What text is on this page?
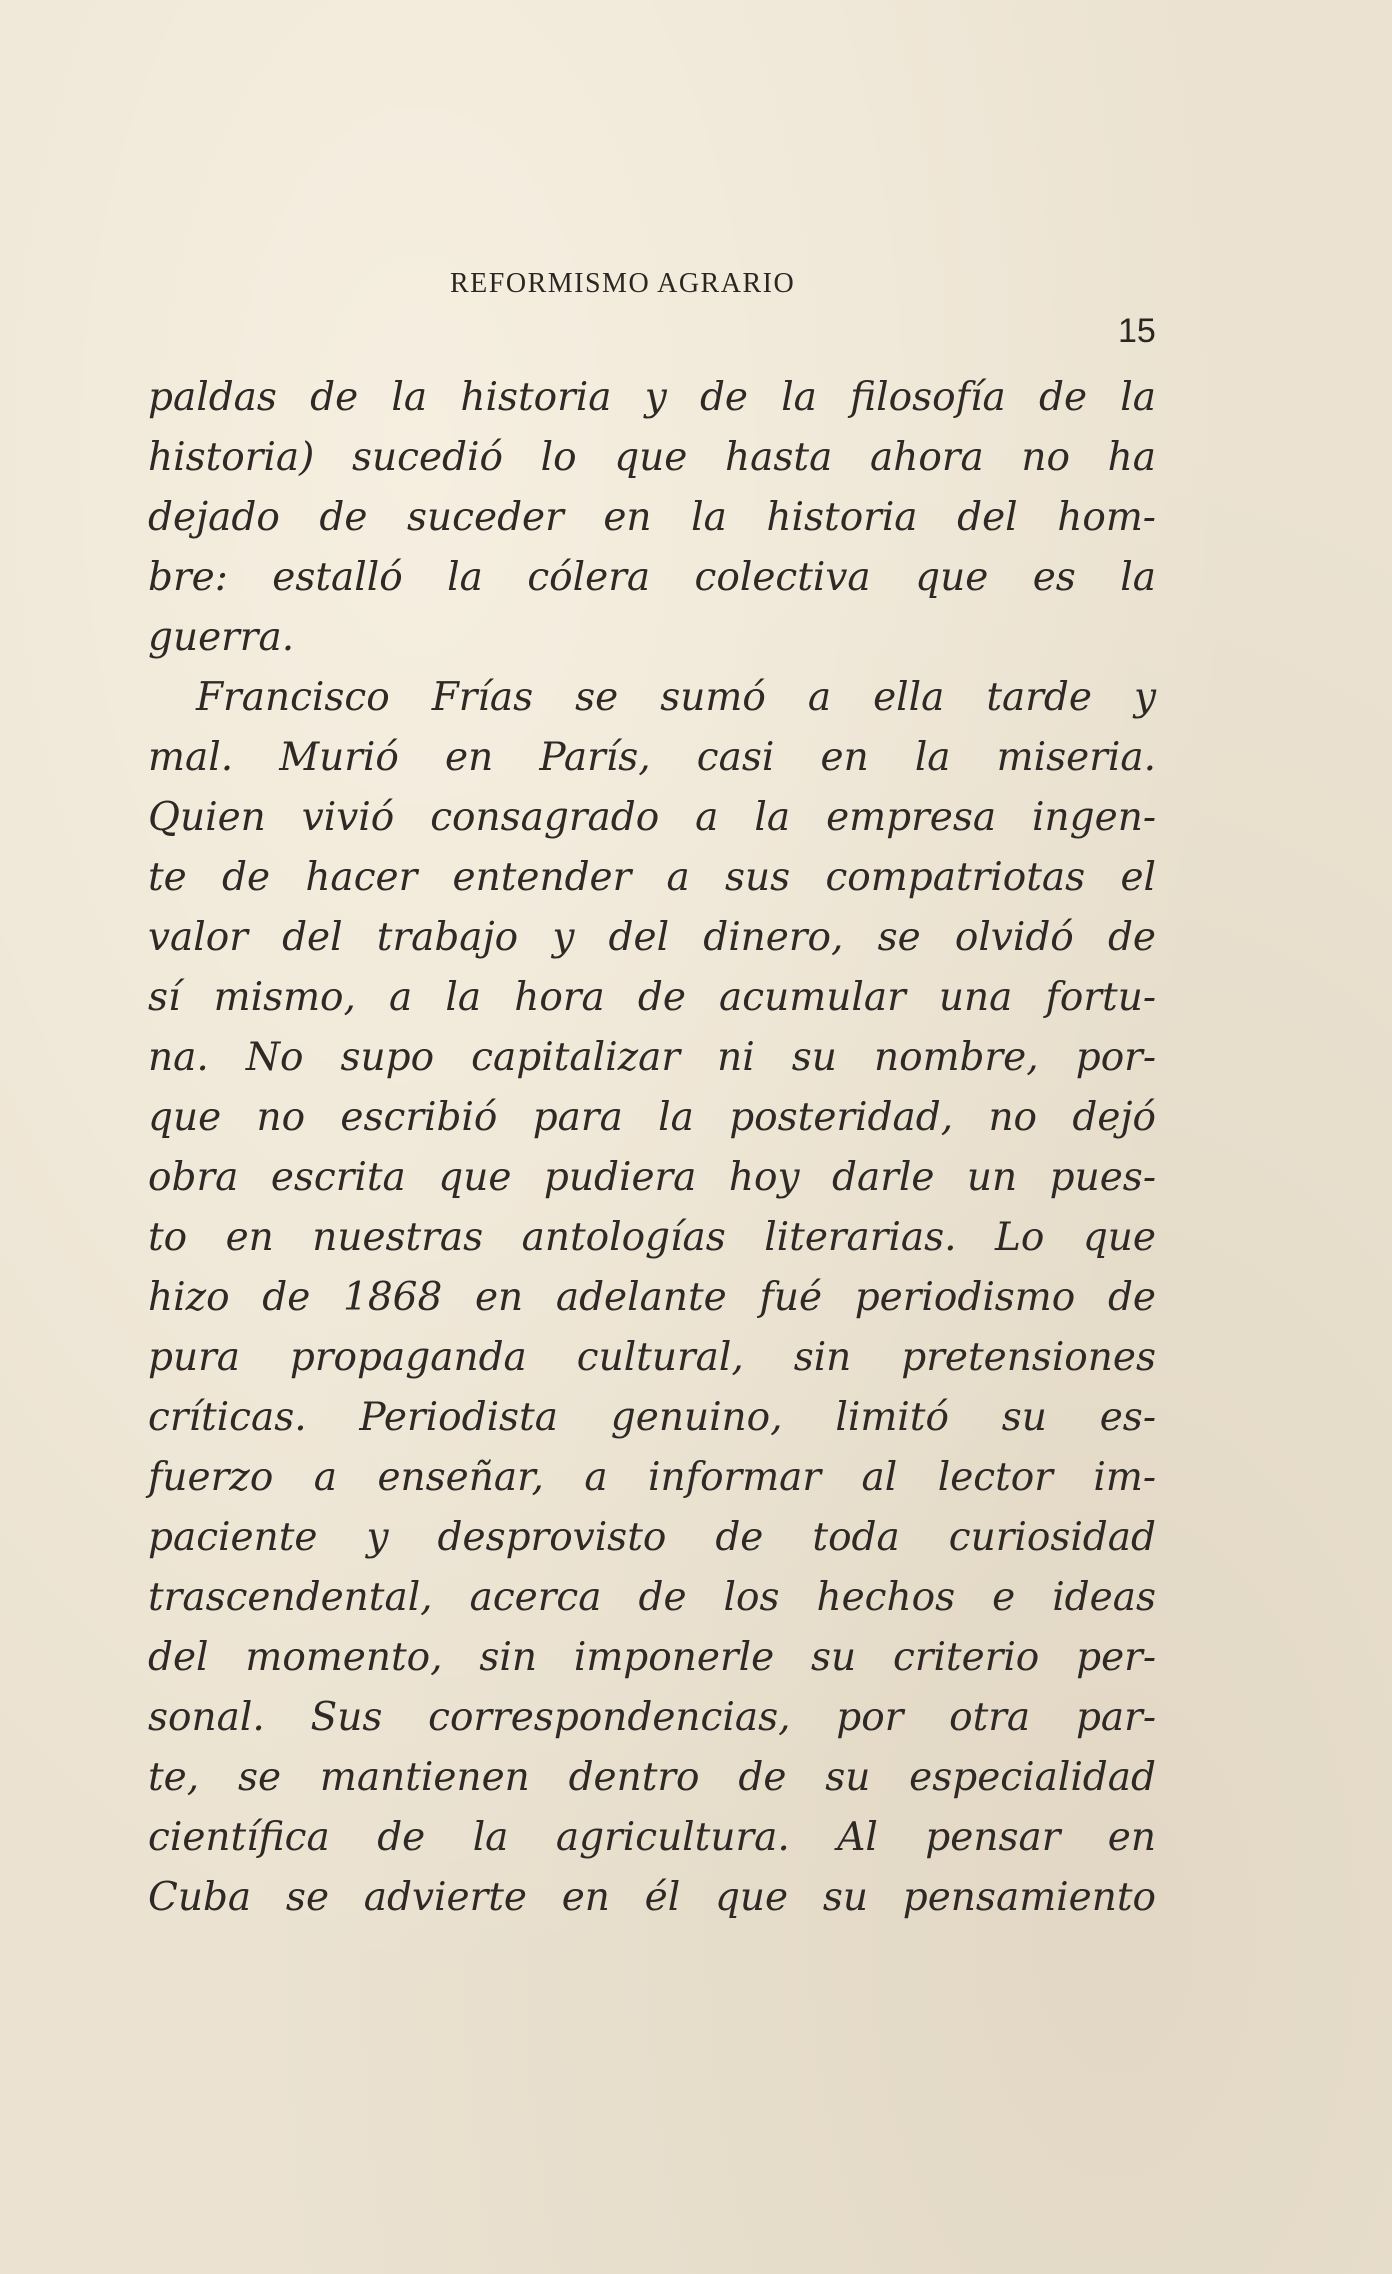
REFORMISMO AGRARIO
15
paldas de la historia y de la filosofía de la
historia) sucedió lo que hasta ahora no ha
dejado de suceder en la historia del hom-
bre: estalló la cólera colectiva que es la
guerra.
Francisco Frías se sumó a ella tarde y
mal. Murió en París, casi en la miseria.
Quien vivió consagrado a la empresa ingen-
te de hacer entender a sus compatriotas el
valor del trabajo y del dinero, se olvidó de
sí mismo, a la hora de acumular una fortu-
na. No supo capitalizar ni su nombre, por-
que no escribió para la posteridad, no dejó
obra escrita que pudiera hoy darle un pues-
to en nuestras antologías literarias. Lo que
hizo de 1868 en adelante fué periodismo de
pura propaganda cultural, sin pretensiones
críticas. Periodista genuino, limitó su es-
fuerzo a enseñar, a informar al lector im-
paciente y desprovisto de toda curiosidad
trascendental, acerca de los hechos e ideas
del momento, sin imponerle su criterio per-
sonal. Sus correspondencias, por otra par-
te, se mantienen dentro de su especialidad
científica de la agricultura. Al pensar en
Cuba se advierte en él que su pensamiento
